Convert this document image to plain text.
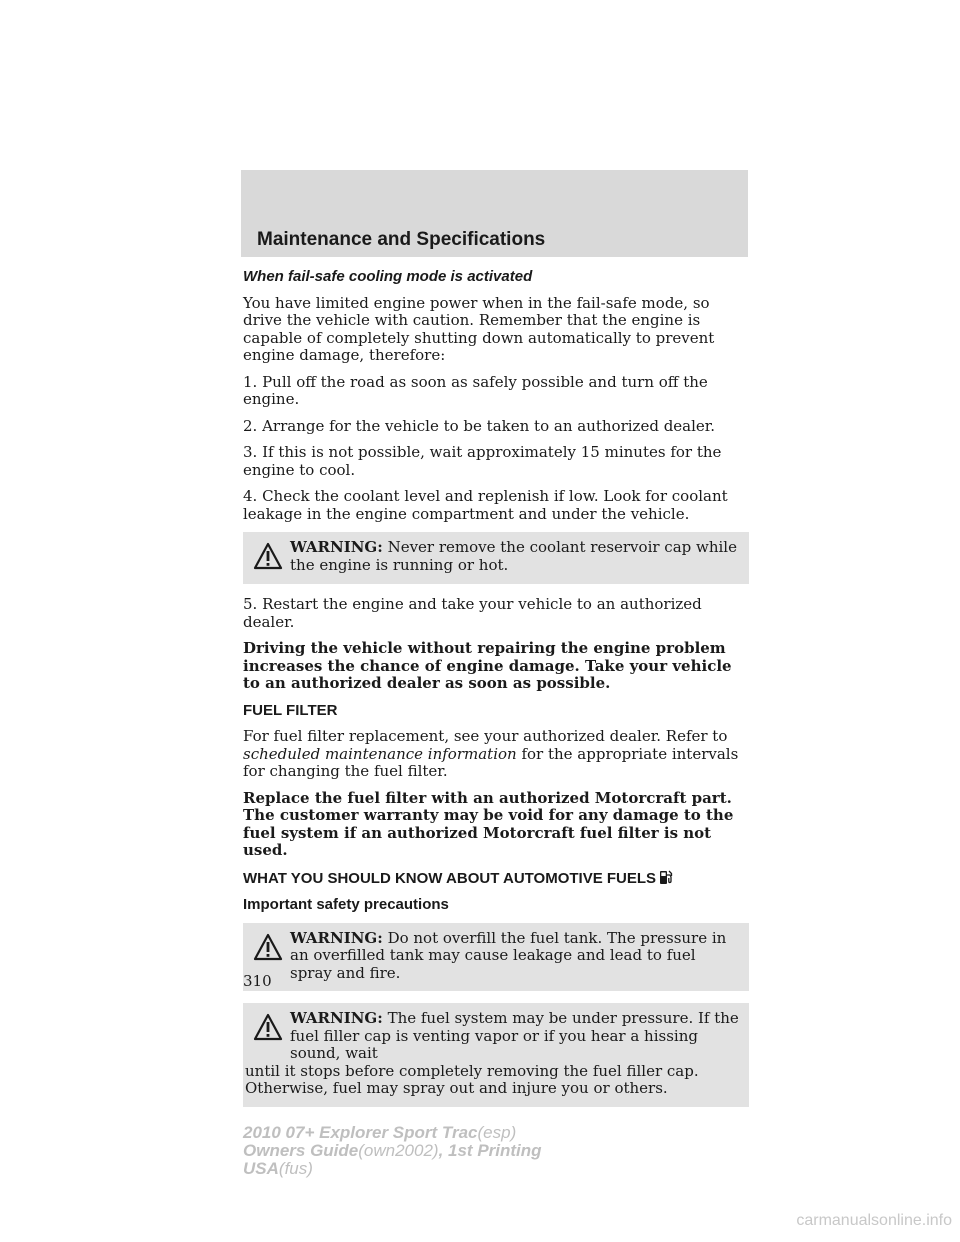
Maintenance and Specifications

When fail-safe cooling mode is activated

You have limited engine power when in the fail-safe mode, so drive the vehicle with caution. Remember that the engine is capable of completely shutting down automatically to prevent engine damage, therefore:

1. Pull off the road as soon as safely possible and turn off the engine.

2. Arrange for the vehicle to be taken to an authorized dealer.

3. If this is not possible, wait approximately 15 minutes for the engine to cool.

4. Check the coolant level and replenish if low. Look for coolant leakage in the engine compartment and under the vehicle.

WARNING: Never remove the coolant reservoir cap while the engine is running or hot.

5. Restart the engine and take your vehicle to an authorized dealer.

Driving the vehicle without repairing the engine problem increases the chance of engine damage. Take your vehicle to an authorized dealer as soon as possible.

FUEL FILTER

For fuel filter replacement, see your authorized dealer. Refer to scheduled maintenance information for the appropriate intervals for changing the fuel filter.

Replace the fuel filter with an authorized Motorcraft part. The customer warranty may be void for any damage to the fuel system if an authorized Motorcraft fuel filter is not used.

WHAT YOU SHOULD KNOW ABOUT AUTOMOTIVE FUELS

Important safety precautions

WARNING: Do not overfill the fuel tank. The pressure in an overfilled tank may cause leakage and lead to fuel spray and fire.
WARNING: The fuel system may be under pressure. If the fuel filler cap is venting vapor or if you hear a hissing sound, wait
until it stops before completely removing the fuel filler cap. Otherwise, fuel may spray out and injure you or others.
310
2010 07+ Explorer Sport Trac(esp)
Owners Guide(own2002), 1st Printing
USA(fus)
carmanualsonline.info
